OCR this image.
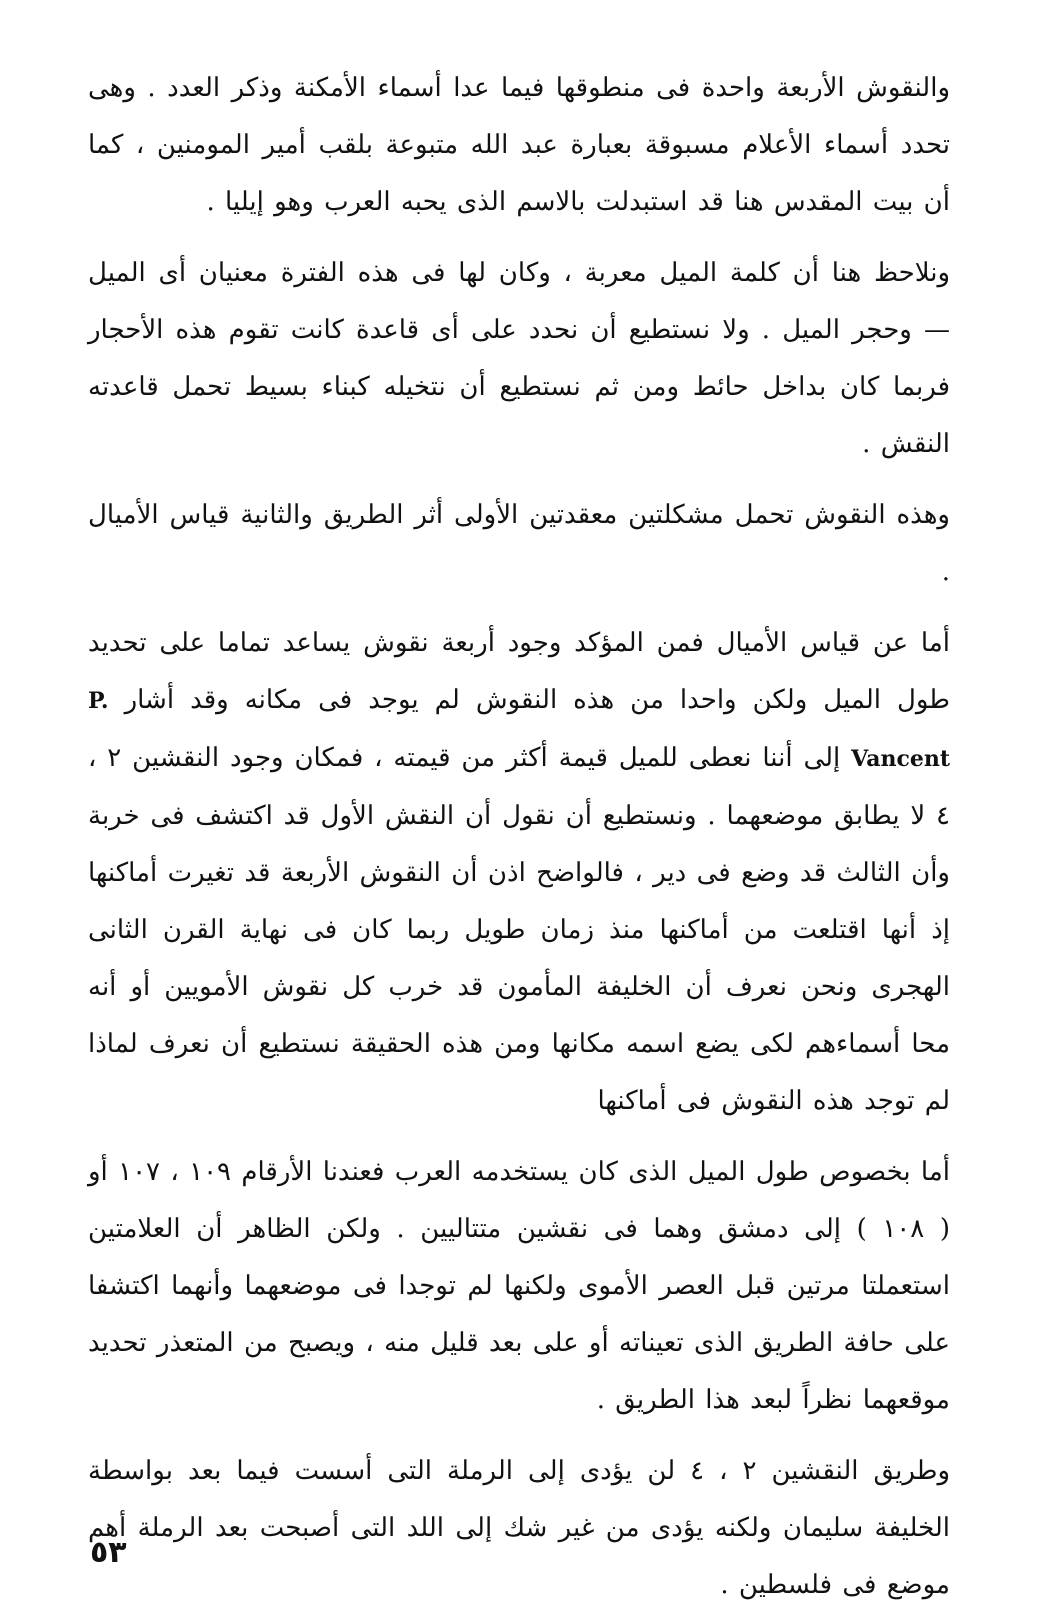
والنقوش الأربعة واحدة فى منطوقها فيما عدا أسماء الأمكنة وذكر العدد . وهى تحدد أسماء الأعلام مسبوقة بعبارة عبد الله متبوعة بلقب أمير المومنين ، كما أن بيت المقدس هنا قد استبدلت بالاسم الذى يحبه العرب وهو إيليا .

ونلاحظ هنا أن كلمة الميل معربة ، وكان لها فى هذه الفترة معنيان أى الميل — وحجر الميل . ولا نستطيع أن نحدد على أى قاعدة كانت تقوم هذه الأحجار فربما كان بداخل حائط ومن ثم نستطيع أن نتخيله كبناء بسيط تحمل قاعدته النقش .

وهذه النقوش تحمل مشكلتين معقدتين الأولى أثر الطريق والثانية قياس الأميال .

أما عن قياس الأميال فمن المؤكد وجود أربعة نقوش يساعد تماما على تحديد طول الميل ولكن واحدا من هذه النقوش لم يوجد فى مكانه وقد أشار P. Vancent إلى أننا نعطى للميل قيمة أكثر من قيمته ، فمكان وجود النقشين ٢ ، ٤ لا يطابق موضعهما . ونستطيع أن نقول أن النقش الأول قد اكتشف فى خربة وأن الثالث قد وضع فى دير ، فالواضح اذن أن النقوش الأربعة قد تغيرت أماكنها إذ أنها اقتلعت من أماكنها منذ زمان طويل ربما كان فى نهاية القرن الثانى الهجرى ونحن نعرف أن الخليفة المأمون قد خرب كل نقوش الأمويين أو أنه محا أسماءهم لكى يضع اسمه مكانها ومن هذه الحقيقة نستطيع أن نعرف لماذا لم توجد هذه النقوش فى أماكنها

أما بخصوص طول الميل الذى كان يستخدمه العرب فعندنا الأرقام ١٠٩ ، ١٠٧ أو ( ١٠٨ ) إلى دمشق وهما فى نقشين متتاليين . ولكن الظاهر أن العلامتين استعملتا مرتين قبل العصر الأموى ولكنها لم توجدا فى موضعهما وأنهما اكتشفا على حافة الطريق الذى تعيناته أو على بعد قليل منه ، ويصبح من المتعذر تحديد موقعهما نظراً لبعد هذا الطريق .

وطريق النقشين ٢ ، ٤ لن يؤدى إلى الرملة التى أسست فيما بعد بواسطة الخليفة سليمان ولكنه يؤدى من غير شك إلى اللد التى أصبحت بعد الرملة أهم موضع فى فلسطين .

٥٣
